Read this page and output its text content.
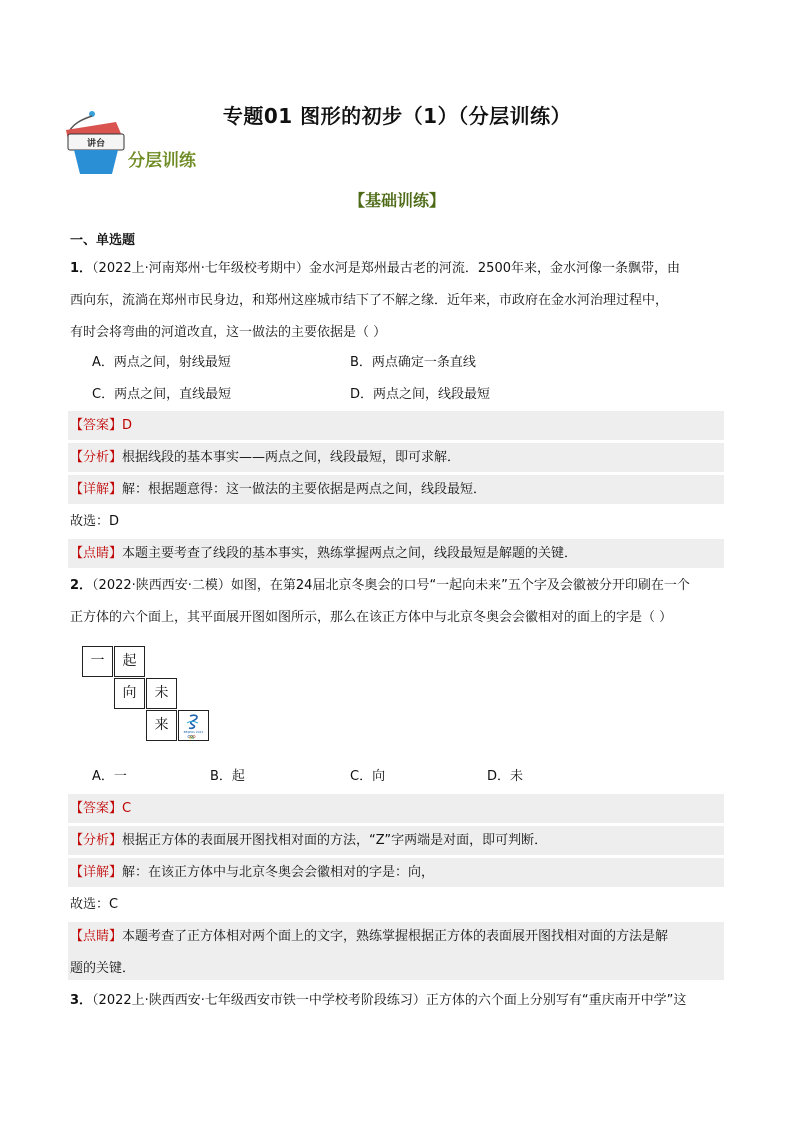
专题01 图形的初步（1）（分层训练）
讲台
分层训练
【基础训练】
一、单选题
1．（2022上·河南郑州·七年级校考期中）金水河是郑州最古老的河流．2500年来，金水河像一条飘带，由
西向东，流淌在郑州市民身边，和郑州这座城市结下了不解之缘．近年来，市政府在金水河治理过程中，
有时会将弯曲的河道改直，这一做法的主要依据是（ ）
A．两点之间，射线最短	B．两点确定一条直线
C．两点之间，直线最短	D．两点之间，线段最短
【答案】D
【分析】根据线段的基本事实——两点之间，线段最短，即可求解．
【详解】解：根据题意得：这一做法的主要依据是两点之间，线段最短．
故选：D
【点睛】本题主要考查了线段的基本事实，熟练掌握两点之间，线段最短是解题的关键．
2．（2022·陕西西安·二模）如图，在第24届北京冬奥会的口号“一起向未来”五个字及会徽被分开印刷在一个
正方体的六个面上，其平面展开图如图所示，那么在该正方体中与北京冬奥会会徽相对的面上的字是（ ）
一	起
向	未
来	BEIJING 2022
A．一	B．起	C．向	D．未
【答案】C
【分析】根据正方体的表面展开图找相对面的方法，“Z”字两端是对面，即可判断．
【详解】解：在该正方体中与北京冬奥会会徽相对的字是：向，
故选：C
【点睛】本题考查了正方体相对两个面上的文字，熟练掌握根据正方体的表面展开图找相对面的方法是解
题的关键．
3．（2022上·陕西西安·七年级西安市铁一中学校考阶段练习）正方体的六个面上分别写有“重庆南开中学”这
